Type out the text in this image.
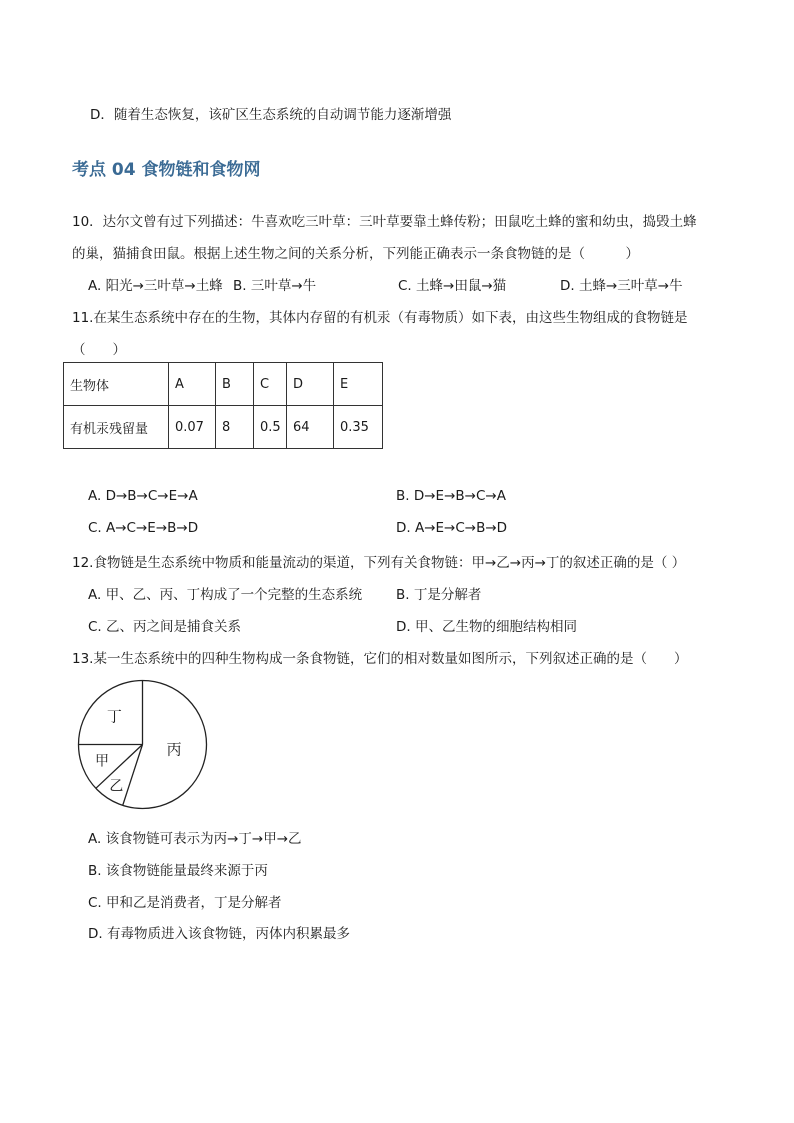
D．随着生态恢复，该矿区生态系统的自动调节能力逐渐增强
考点 04 食物链和食物网
10．达尔文曾有过下列描述：牛喜欢吃三叶草：三叶草要靠土蜂传粉；田鼠吃土蜂的蜜和幼虫，捣毁土蜂
的巢，猫捕食田鼠。根据上述生物之间的关系分析，下列能正确表示一条食物链的是（　　　）
A. 阳光→三叶草→土蜂 B. 三叶草→牛	C. 土蜂→田鼠→猫	D. 土蜂→三叶草→牛
11.在某生态系统中存在的生物，其体内存留的有机汞（有毒物质）如下表，由这些生物组成的食物链是
（　　）
生物体	A	B	C	D	E
有机汞残留量	0.07	8	0.5	64	0.35
A. D→B→C→E→A	B. D→E→B→C→A
C. A→C→E→B→D	D. A→E→C→B→D
12.食物链是生态系统中物质和能量流动的渠道，下列有关食物链：甲→乙→丙→丁的叙述正确的是（ ）
A. 甲、乙、丙、丁构成了一个完整的生态系统	B. 丁是分解者
C. 乙、丙之间是捕食关系	D. 甲、乙生物的细胞结构相同
13.某一生态系统中的四种生物构成一条食物链，它们的相对数量如图所示，下列叙述正确的是（　　）
丁
甲
乙
丙
A. 该食物链可表示为丙→丁→甲→乙
B. 该食物链能量最终来源于丙
C. 甲和乙是消费者，丁是分解者
D. 有毒物质进入该食物链，丙体内积累最多
